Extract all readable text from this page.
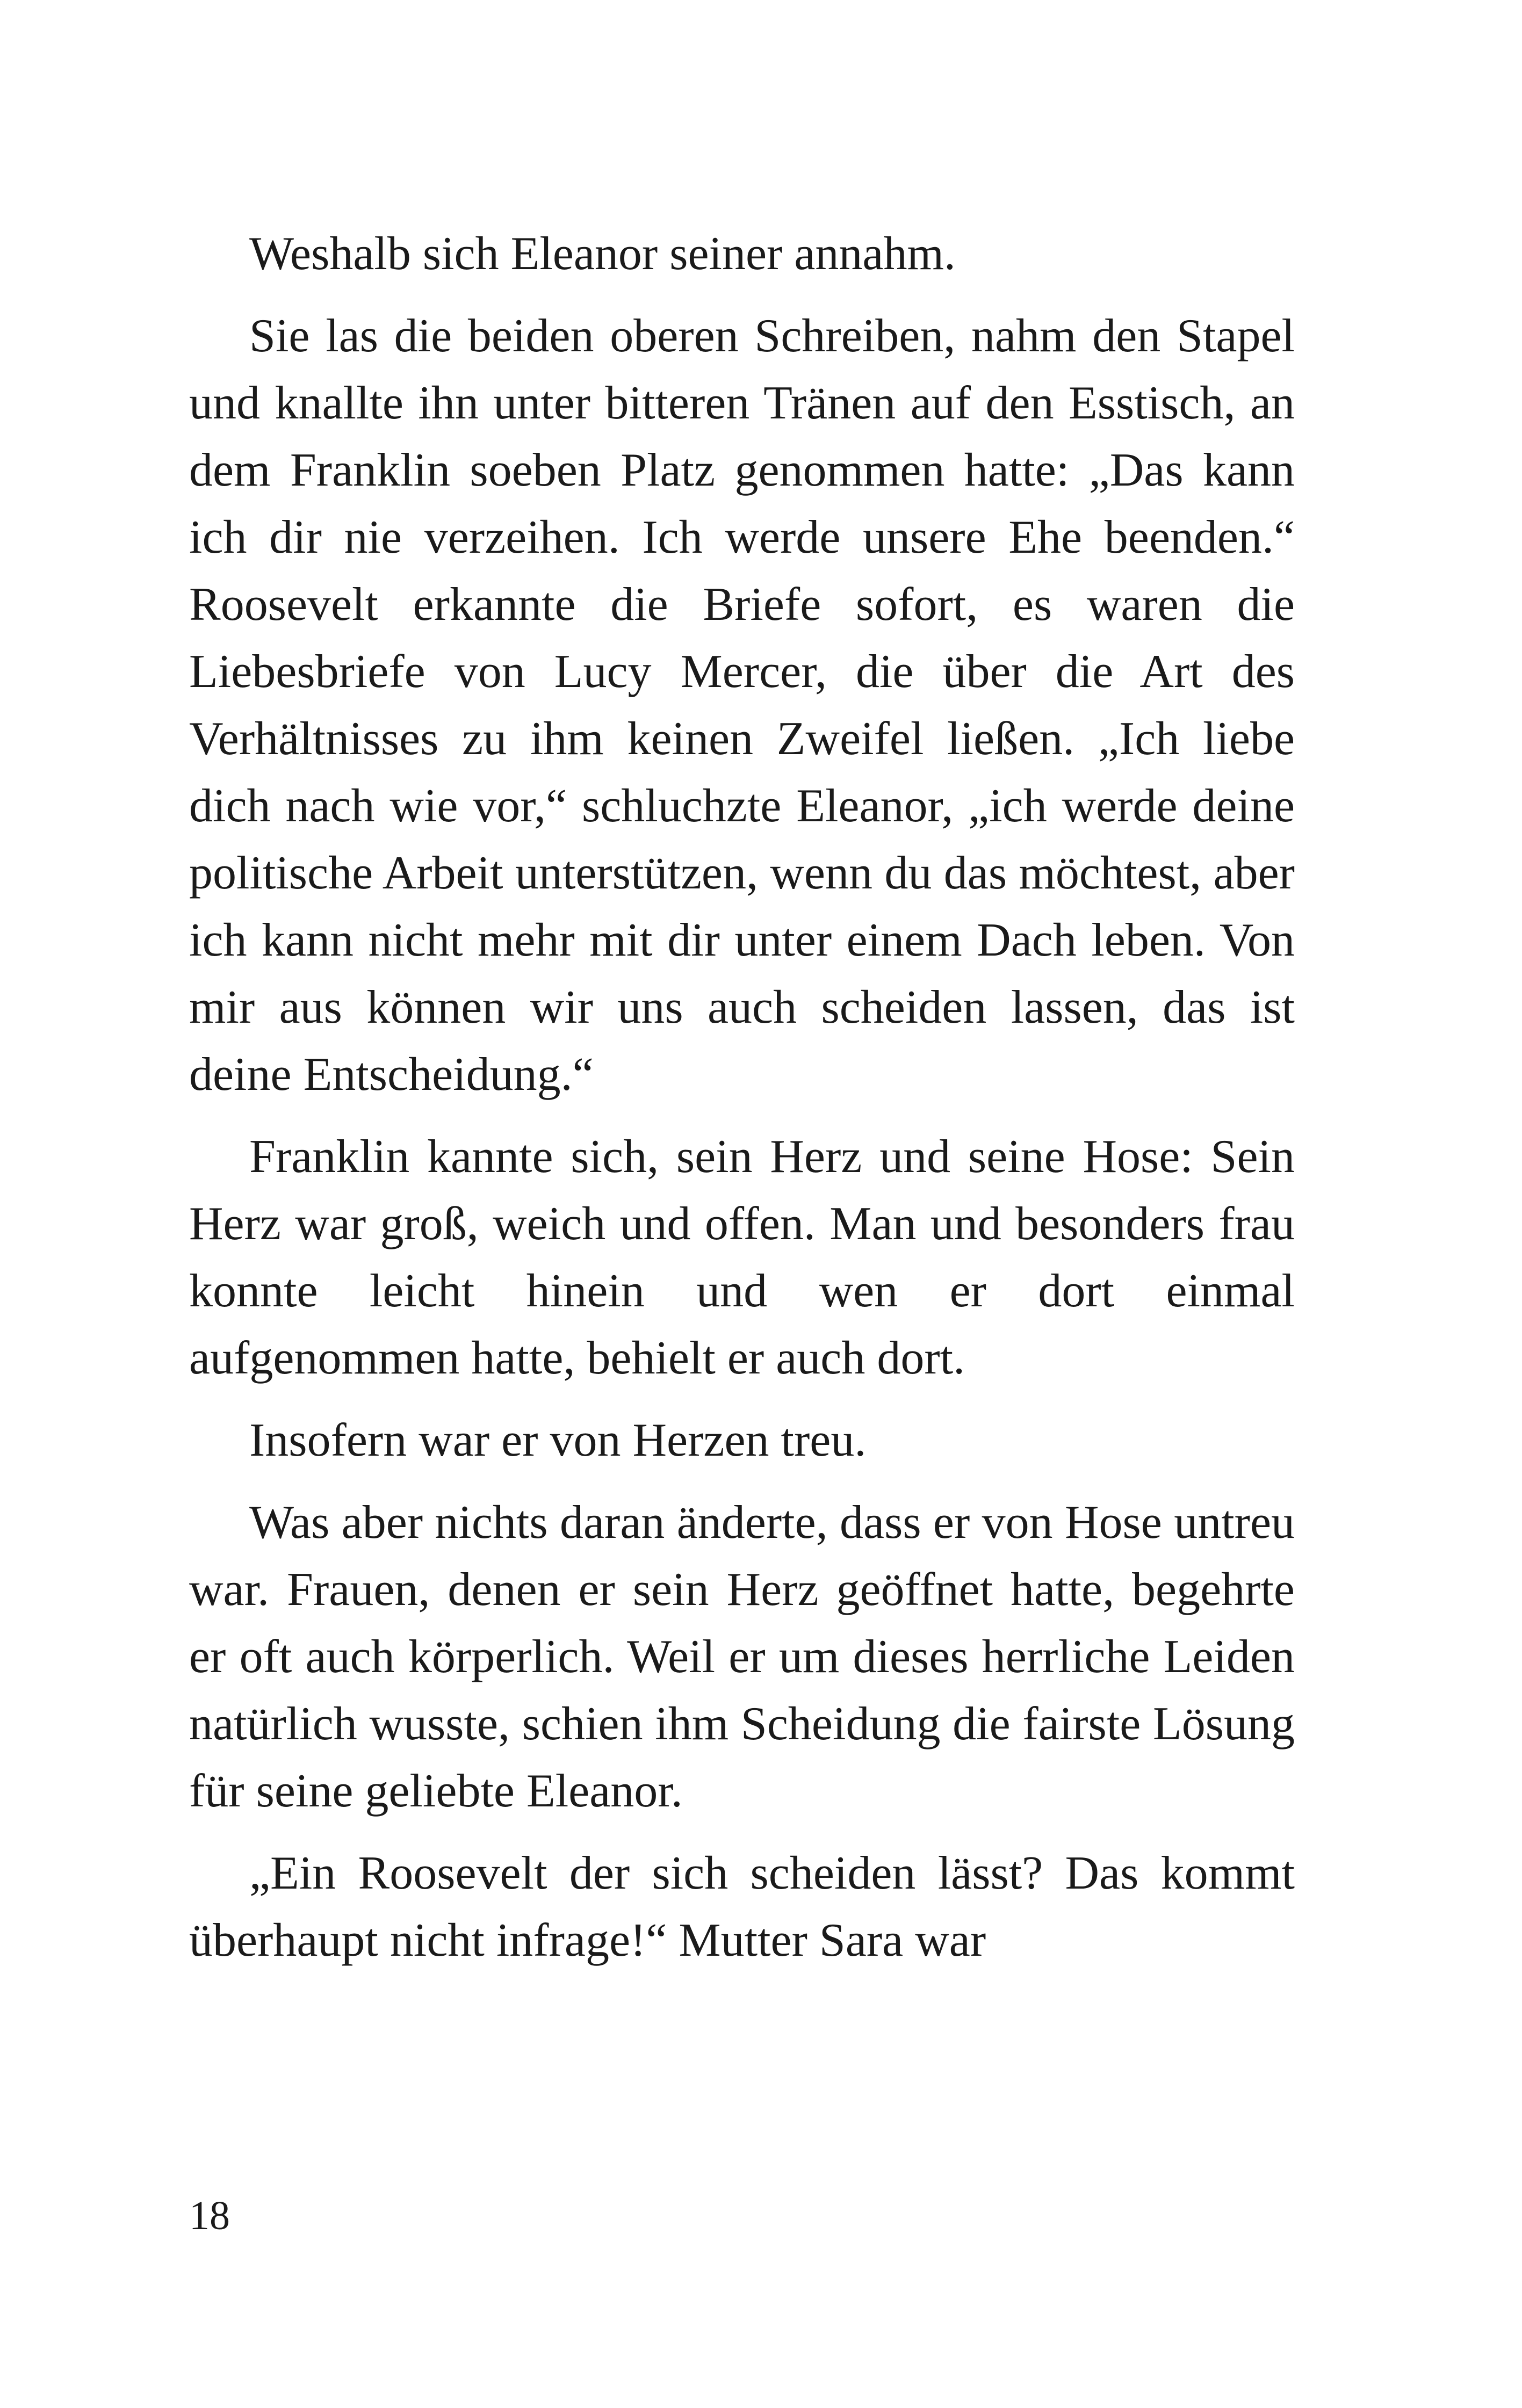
Weshalb sich Eleanor seiner annahm.

Sie las die beiden oberen Schreiben, nahm den Stapel und knallte ihn unter bitteren Tränen auf den Esstisch, an dem Franklin soeben Platz genommen hatte: „Das kann ich dir nie verzeihen. Ich werde unsere Ehe beenden.“ Roosevelt erkannte die Briefe sofort, es waren die Liebesbriefe von Lucy Mercer, die über die Art des Verhältnisses zu ihm keinen Zweifel ließen. „Ich liebe dich nach wie vor,“ schluchzte Eleanor, „ich werde deine politische Arbeit unterstützen, wenn du das möchtest, aber ich kann nicht mehr mit dir unter einem Dach leben. Von mir aus können wir uns auch scheiden lassen, das ist deine Entscheidung.“

Franklin kannte sich, sein Herz und seine Hose: Sein Herz war groß, weich und offen. Man und besonders frau konnte leicht hinein und wen er dort einmal aufgenommen hatte, behielt er auch dort.

Insofern war er von Herzen treu.

Was aber nichts daran änderte, dass er von Hose untreu war. Frauen, denen er sein Herz geöffnet hatte, begehrte er oft auch körperlich. Weil er um dieses herrliche Leiden natürlich wusste, schien ihm Scheidung die fairste Lösung für seine geliebte Eleanor.

„Ein Roosevelt der sich scheiden lässt? Das kommt überhaupt nicht infrage!“ Mutter Sara war

18
